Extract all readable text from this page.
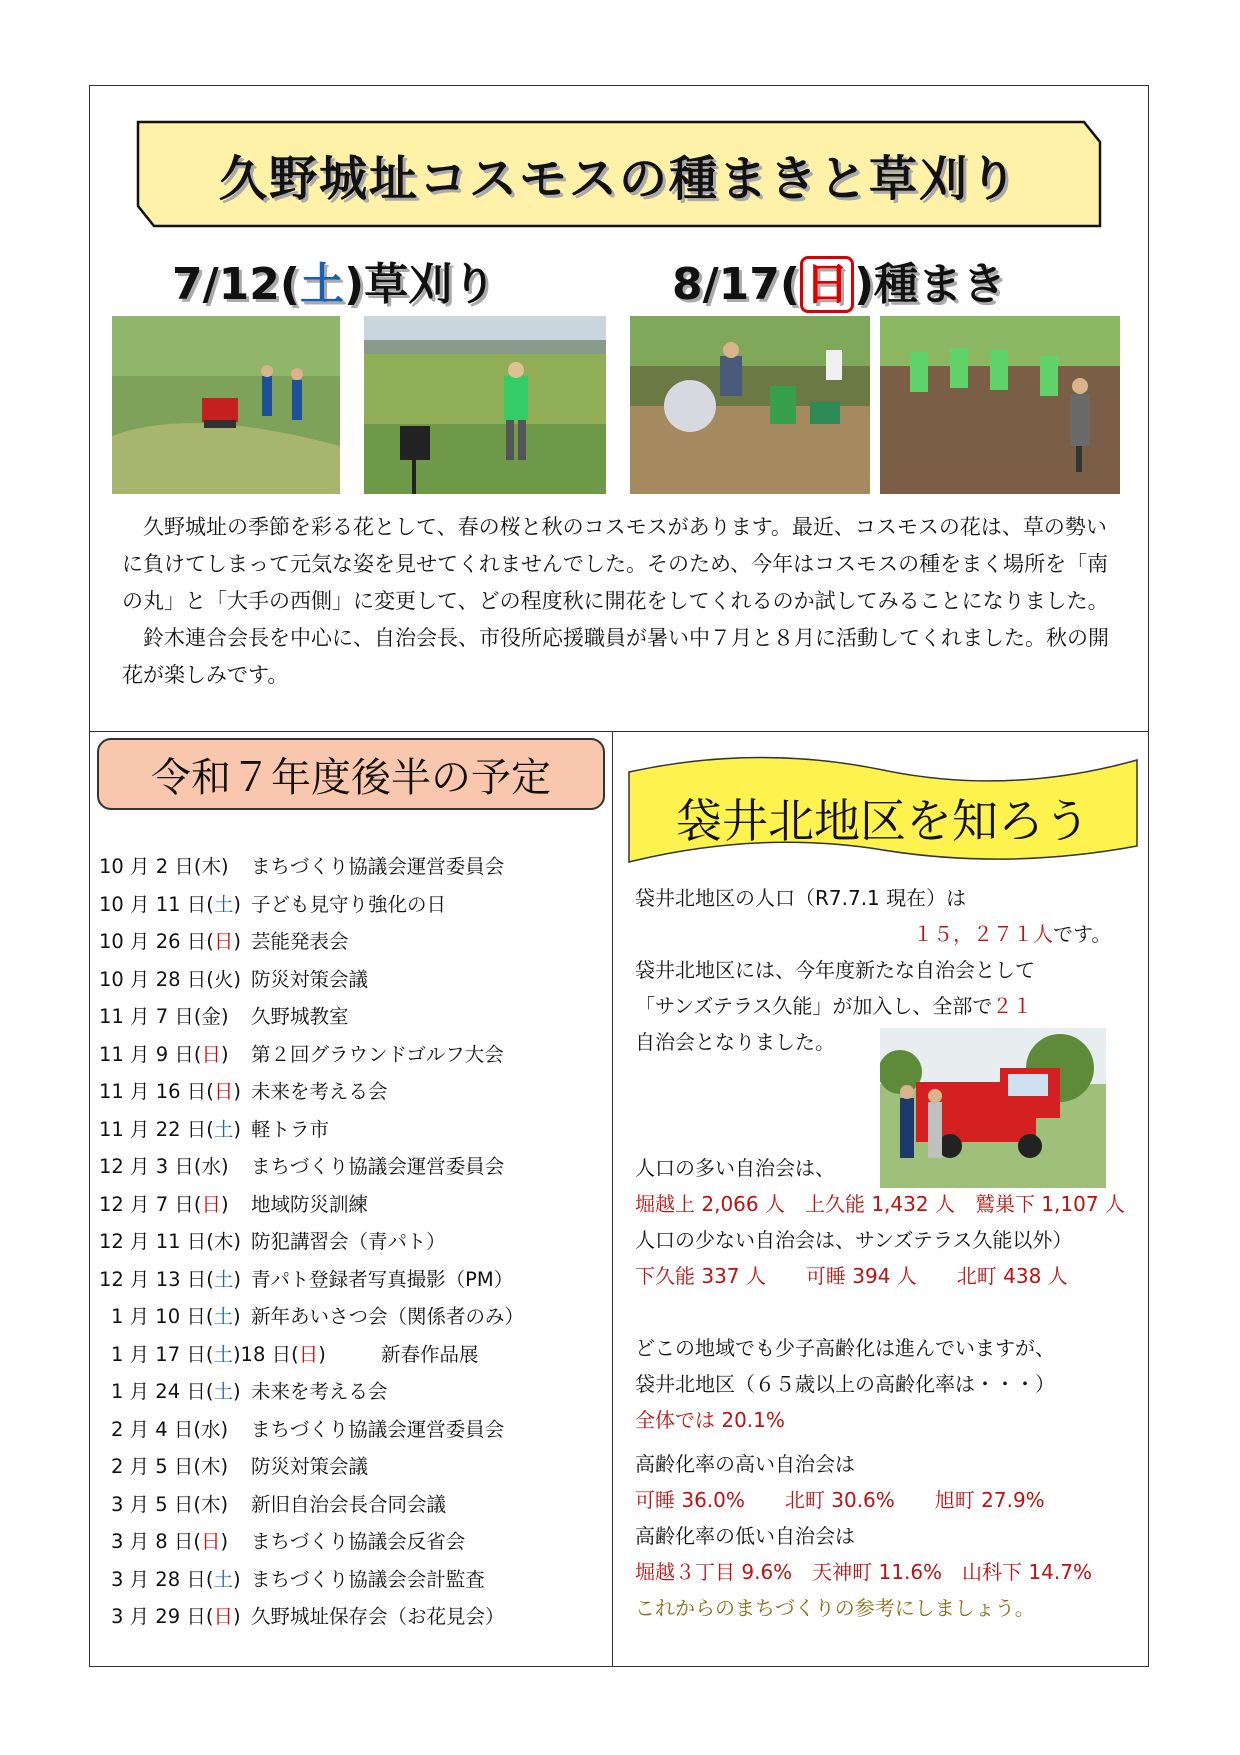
久野城址コスモスの種まきと草刈り
7/12(土)草刈り	8/17( 日 )種まき

久野城址の季節を彩る花として、春の桜と秋のコスモスがあります。最近、コスモスの花は、草の勢いに負けてしまって元気な姿を見せてくれませんでした。そのため、今年はコスモスの種をまく場所を「南の丸」と「大手の西側」に変更して、どの程度秋に開花をしてくれるのか試してみることになりました。

鈴木連合会長を中心に、自治会長、市役所応援職員が暑い中７月と８月に活動してくれました。秋の開花が楽しみです。

令和７年度後半の予定
10 月 2 日(木)	まちづくり協議会運営委員会
10 月 11 日(土) 子ども見守り強化の日
10 月 26 日(日) 芸能発表会
10 月 28 日(火) 防災対策会議
11 月 7 日(金)	久野城教室
11 月 9 日(日)	第２回グラウンドゴルフ大会
11 月 16 日(日) 未来を考える会
11 月 22 日(土) 軽トラ市
12 月 3 日(水)	まちづくり協議会運営委員会
12 月 7 日(日)	地域防災訓練
12 月 11 日(木) 防犯講習会（青パト）
12 月 13 日(土) 青パト登録者写真撮影（PM）
1 月 10 日(土) 新年あいさつ会（関係者のみ）
1 月 17 日(土)18 日(日)	新春作品展
1 月 24 日(土) 未来を考える会
2 月 4 日(水)	まちづくり協議会運営委員会
2 月 5 日(木)	防災対策会議
3 月 5 日(木)	新旧自治会長合同会議
3 月 8 日(日)	まちづくり協議会反省会
3 月 28 日(土) まちづくり協議会会計監査
3 月 29 日(日) 久野城址保存会（お花見会）
袋井北地区を知ろう
袋井北地区の人口（R7.7.1 現在）は
１５，２７１人です。
袋井北地区には、今年度新たな自治会として
「サンズテラス久能」が加入し、全部で２１
自治会となりました。
人口の多い自治会は、
堀越上 2,066 人　上久能 1,432 人　鷲巣下 1,107 人
人口の少ない自治会は、サンズテラス久能以外）
下久能 337 人　　可睡 394 人　　北町 438 人
どこの地域でも少子高齢化は進んでいますが、
袋井北地区（６５歳以上の高齢化率は・・・）
全体では 20.1%
高齢化率の高い自治会は
可睡 36.0%　　北町 30.6%　　旭町 27.9%
高齢化率の低い自治会は
堀越３丁目 9.6%　天神町 11.6%　山科下 14.7%
これからのまちづくりの参考にしましょう。
